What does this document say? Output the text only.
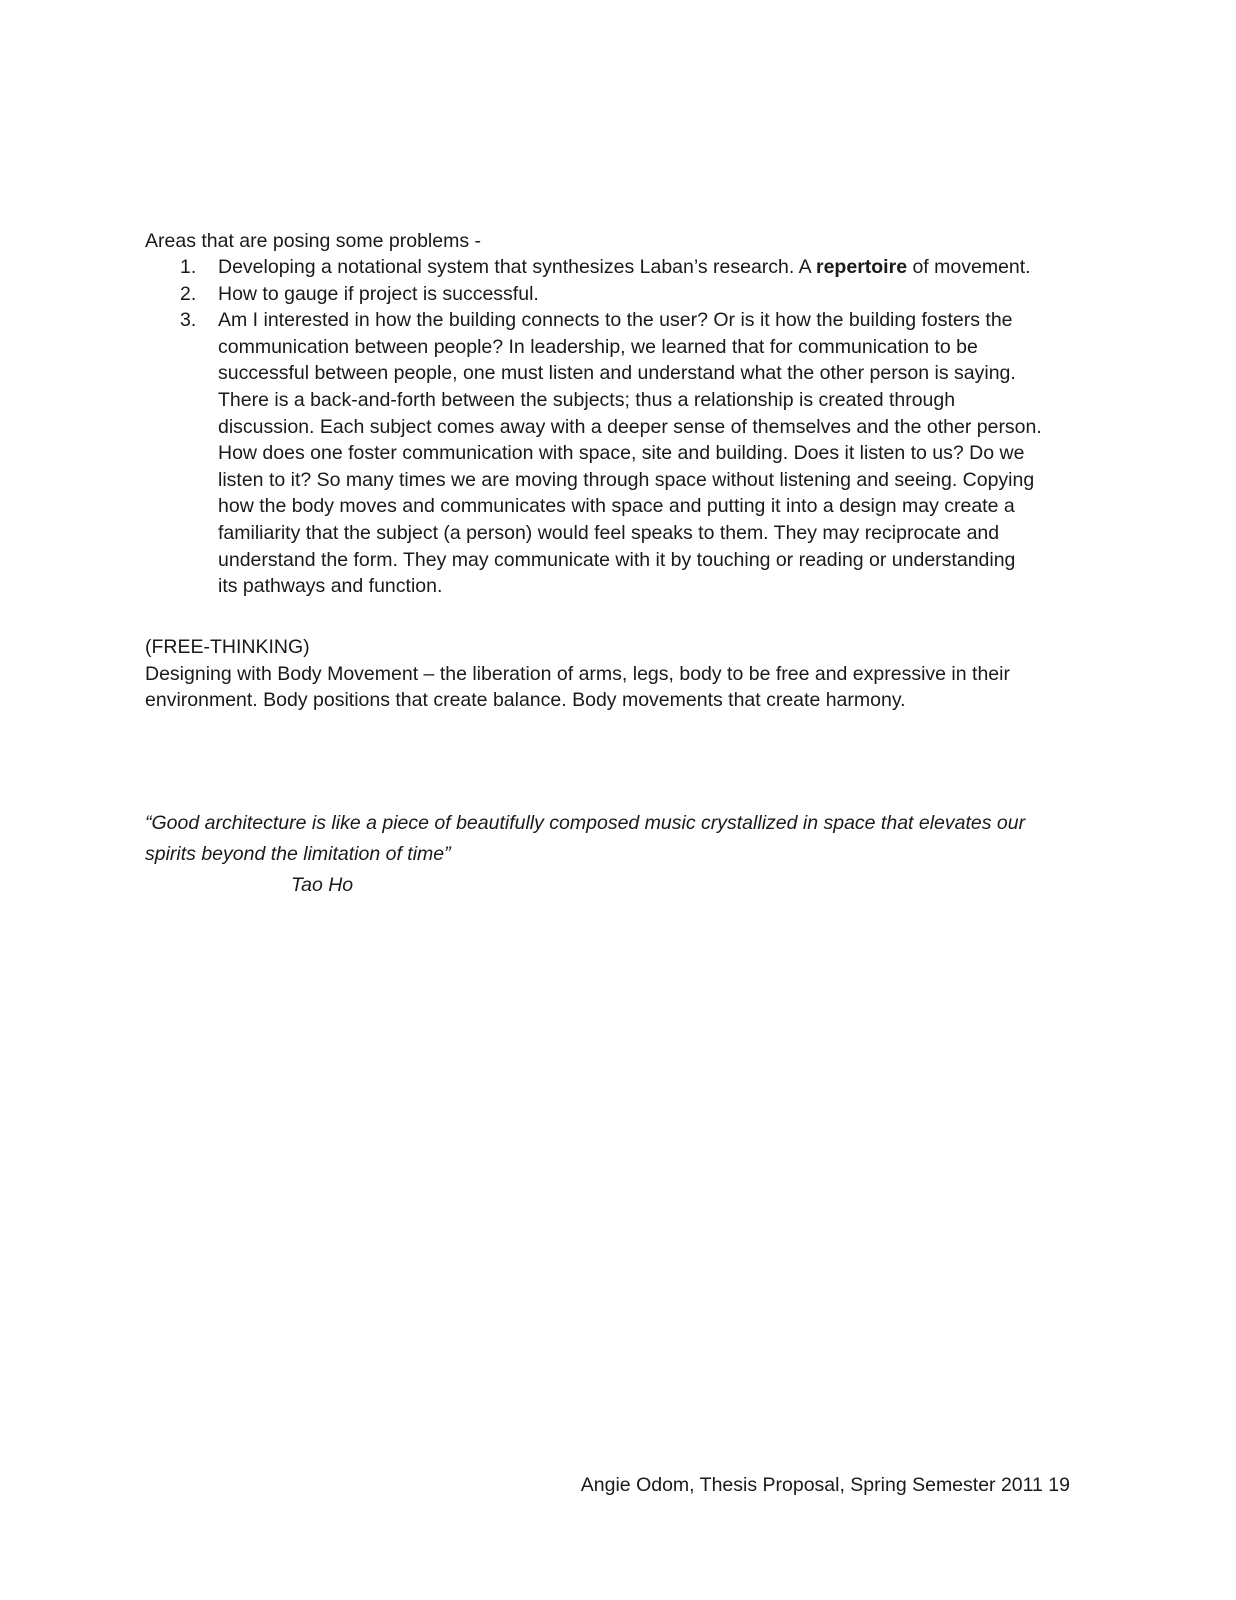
Areas that are posing some problems -
1. Developing a notational system that synthesizes Laban’s research. A repertoire of movement.
2. How to gauge if project is successful.
3. Am I interested in how the building connects to the user? Or is it how the building fosters the
communication between people? In leadership, we learned that for communication to be
successful between people, one must listen and understand what the other person is saying.
There is a back-and-forth between the subjects; thus a relationship is created through
discussion. Each subject comes away with a deeper sense of themselves and the other person.
How does one foster communication with space, site and building. Does it listen to us? Do we
listen to it? So many times we are moving through space without listening and seeing. Copying
how the body moves and communicates with space and putting it into a design may create a
familiarity that the subject (a person) would feel speaks to them. They may reciprocate and
understand the form. They may communicate with it by touching or reading or understanding
its pathways and function.
(FREE-THINKING)
Designing with Body Movement – the liberation of arms, legs, body to be free and expressive in their
environment. Body positions that create balance. Body movements that create harmony.
“Good architecture is like a piece of beautifully composed music crystallized in space that elevates our
spirits beyond the limitation of time”
Tao Ho
Angie Odom, Thesis Proposal, Spring Semester 2011 19
